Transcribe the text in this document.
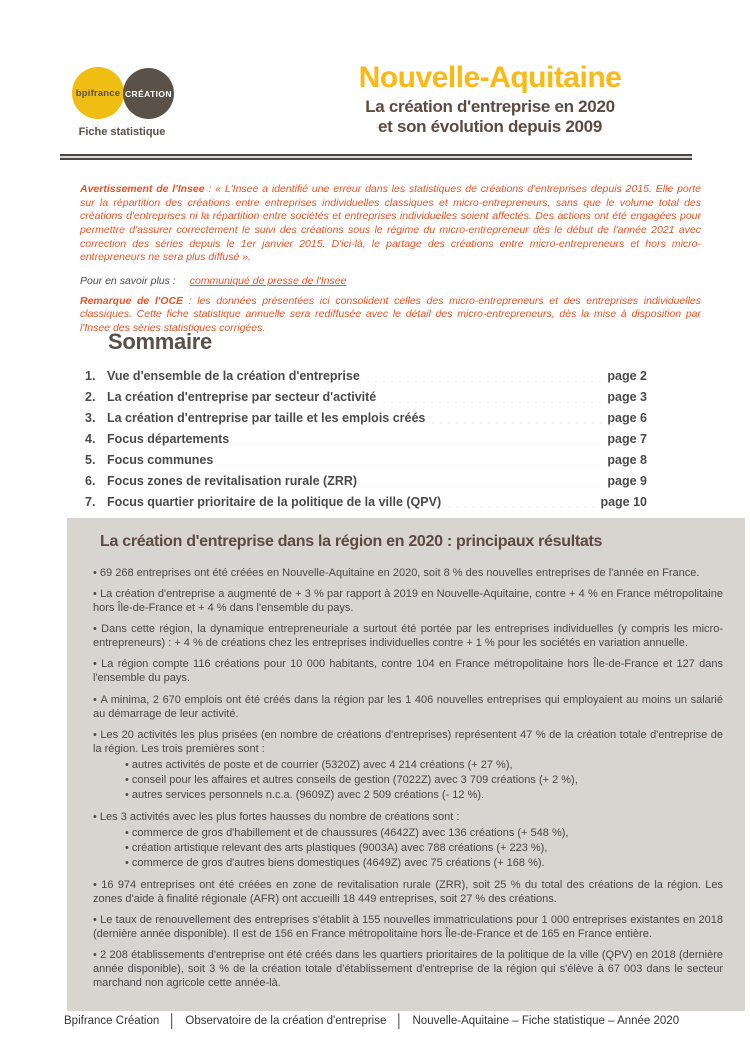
bpifrance CRÉATION
Fiche statistique
Nouvelle-Aquitaine
La création d'entreprise en 2020
et son évolution depuis 2009

Avertissement de l'Insee : « L'Insee a identifié une erreur dans les statistiques de créations d'entreprises depuis 2015. Elle porte sur la répartition des créations entre entreprises individuelles classiques et micro-entrepreneurs, sans que le volume total des créations d'entreprises ni la répartition entre sociétés et entreprises individuelles soient affectés. Des actions ont été engagées pour permettre d'assurer correctement le suivi des créations sous le régime du micro-entrepreneur dès le début de l'année 2021 avec correction des séries depuis le 1er janvier 2015. D'ici-là, le partage des créations entre micro-entrepreneurs et hors micro-entrepreneurs ne sera plus diffusé ».

Pour en savoir plus : communiqué de presse de l'Insee

Remarque de l'OCE : les données présentées ici consolident celles des micro-entrepreneurs et des entreprises individuelles classiques. Cette fiche statistique annuelle sera rediffusée avec le détail des micro-entrepreneurs, dès la mise à disposition par l'Insee des séries statistiques corrigées.

Sommaire
1. Vue d'ensemble de la création d'entreprise	page 2
2. La création d'entreprise par secteur d'activité	page 3
3. La création d'entreprise par taille et les emplois créés	page 6
4. Focus départements	page 7
5. Focus communes	page 8
6. Focus zones de revitalisation rurale (ZRR)	page 9
7. Focus quartier prioritaire de la politique de la ville (QPV)	page 10
La création d'entreprise dans la région en 2020 : principaux résultats

• 69 268 entreprises ont été créées en Nouvelle-Aquitaine en 2020, soit 8 % des nouvelles entreprises de l'année en France.

• La création d'entreprise a augmenté de + 3 % par rapport à 2019 en Nouvelle-Aquitaine, contre + 4 % en France métropolitaine hors Île-de-France et + 4 % dans l'ensemble du pays.

• Dans cette région, la dynamique entrepreneuriale a surtout été portée par les entreprises individuelles (y compris les micro-entrepreneurs) : + 4 % de créations chez les entreprises individuelles contre + 1 % pour les sociétés en variation annuelle.

• La région compte 116 créations pour 10 000 habitants, contre 104 en France métropolitaine hors Île-de-France et 127 dans l'ensemble du pays.

• A minima, 2 670 emplois ont été créés dans la région par les 1 406 nouvelles entreprises qui employaient au moins un salarié au démarrage de leur activité.

• Les 20 activités les plus prisées (en nombre de créations d'entreprises) représentent 47 % de la création totale d'entreprise de la région. Les trois premières sont :

• autres activités de poste et de courrier (5320Z) avec 4 214 créations (+ 27 %),

• conseil pour les affaires et autres conseils de gestion (7022Z) avec 3 709 créations (+ 2 %),

• autres services personnels n.c.a. (9609Z) avec 2 509 créations (- 12 %).

• Les 3 activités avec les plus fortes hausses du nombre de créations sont :

• commerce de gros d'habillement et de chaussures (4642Z) avec 136 créations (+ 548 %),

• création artistique relevant des arts plastiques (9003A) avec 788 créations (+ 223 %),

• commerce de gros d'autres biens domestiques (4649Z) avec 75 créations (+ 168 %).

• 16 974 entreprises ont été créées en zone de revitalisation rurale (ZRR), soit 25 % du total des créations de la région. Les zones d'aide à finalité régionale (AFR) ont accueilli 18 449 entreprises, soit 27 % des créations.

• Le taux de renouvellement des entreprises s'établit à 155 nouvelles immatriculations pour 1 000 entreprises existantes en 2018 (dernière année disponible). Il est de 156 en France métropolitaine hors Île-de-France et de 165 en France entière.

• 2 208 établissements d'entreprise ont été créés dans les quartiers prioritaires de la politique de la ville (QPV) en 2018 (dernière année disponible), soit 3 % de la création totale d'établissement d'entreprise de la région qui s'élève à 67 003 dans le secteur marchand non agricole cette année-là.

Bpifrance Création │ Observatoire de la création d'entreprise │ Nouvelle-Aquitaine – Fiche statistique – Année 2020
